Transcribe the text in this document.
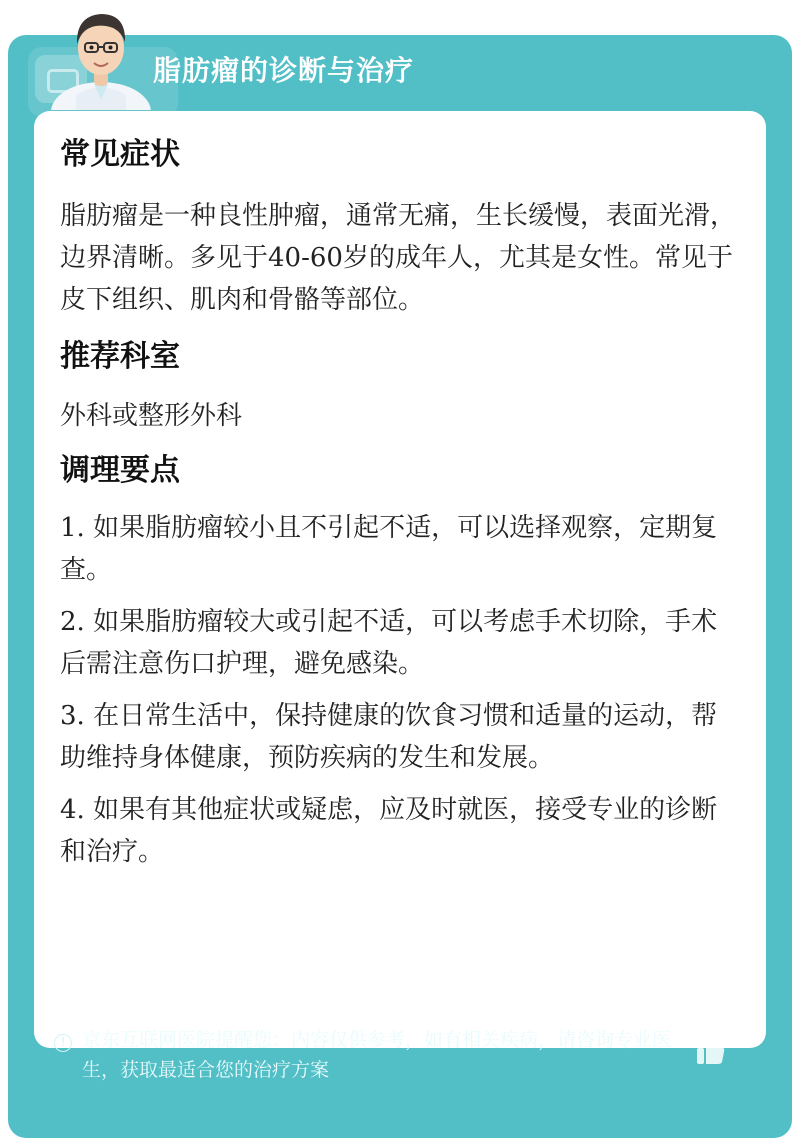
脂肪瘤的诊断与治疗
常见症状

脂肪瘤是一种良性肿瘤，通常无痛，生长缓慢，表面光滑，边界清晰。多见于40-60岁的成年人，尤其是女性。常见于皮下组织、肌肉和骨骼等部位。

推荐科室

外科或整形外科

调理要点
1. 如果脂肪瘤较小且不引起不适，可以选择观察，定期复查。
2. 如果脂肪瘤较大或引起不适，可以考虑手术切除，手术后需注意伤口护理，避免感染。
3. 在日常生活中，保持健康的饮食习惯和适量的运动，帮助维持身体健康，预防疾病的发生和发展。
4. 如果有其他症状或疑虑，应及时就医，接受专业的诊断和治疗。
! 京东互联网医院提醒您：内容仅供参考，如有相关疾病，请咨询专业医生，获取最适合您的治疗方案
